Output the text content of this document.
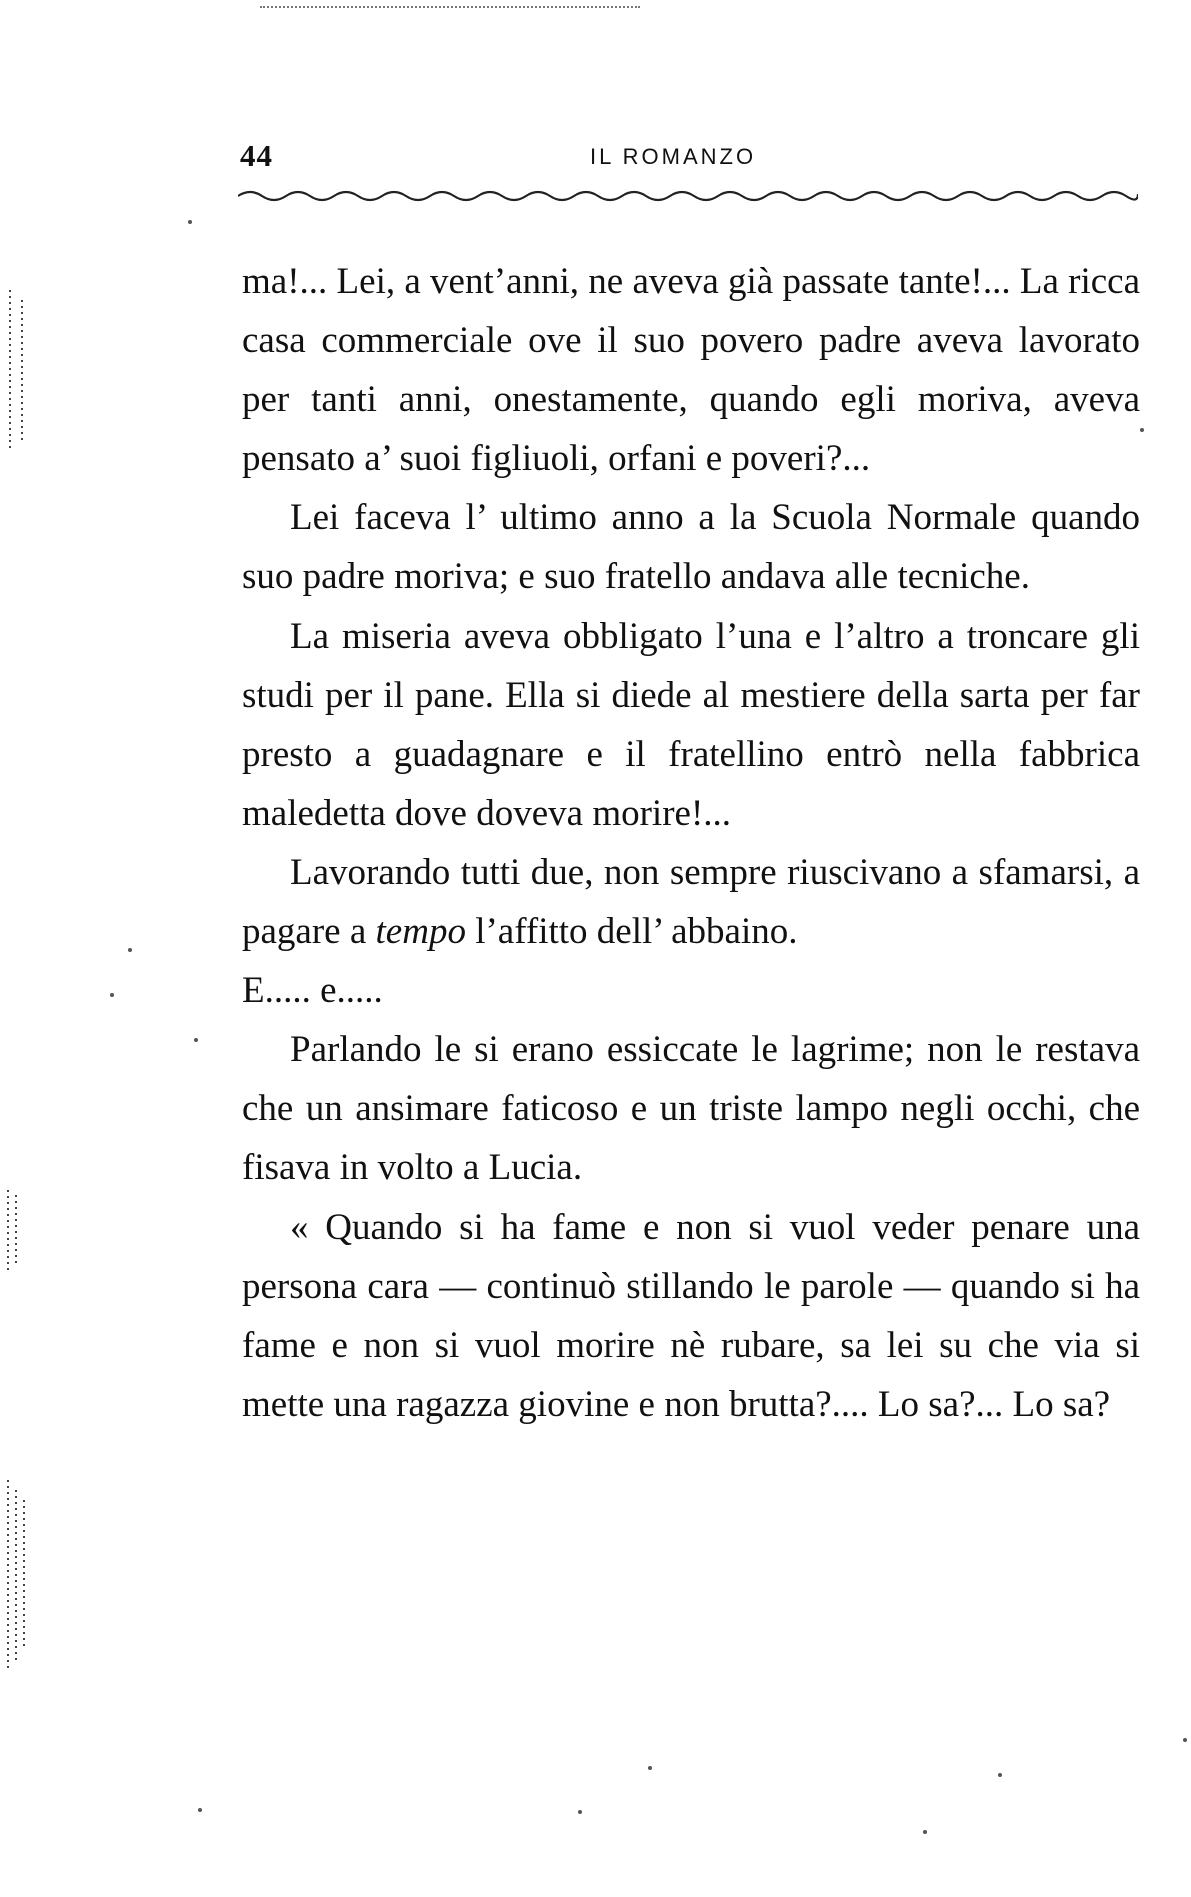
44	IL ROMANZO

ma!... Lei, a vent’anni, ne aveva già passate tante!... La ricca casa commerciale ove il suo povero padre aveva lavorato per tanti anni, onestamente, quando egli moriva, aveva pensato a’ suoi figliuoli, orfani e poveri?...

Lei faceva l’ ultimo anno a la Scuola Normale quando suo padre moriva; e suo fratello andava alle tecniche.

La miseria aveva obbligato l’una e l’altro a troncare gli studi per il pane. Ella si diede al mestiere della sarta per far presto a guadagnare e il fratellino entrò nella fabbrica maledetta dove doveva morire!...

Lavorando tutti due, non sempre riuscivano a sfamarsi, a pagare a tempo l’affitto dell’ abbaino.

E..... e.....

Parlando le si erano essiccate le lagrime; non le restava che un ansimare faticoso e un triste lampo negli occhi, che fisava in volto a Lucia.

« Quando si ha fame e non si vuol veder penare una persona cara — continuò stillando le parole — quando si ha fame e non si vuol morire nè rubare, sa lei su che via si mette una ragazza giovine e non brutta?.... Lo sa?... Lo sa?
